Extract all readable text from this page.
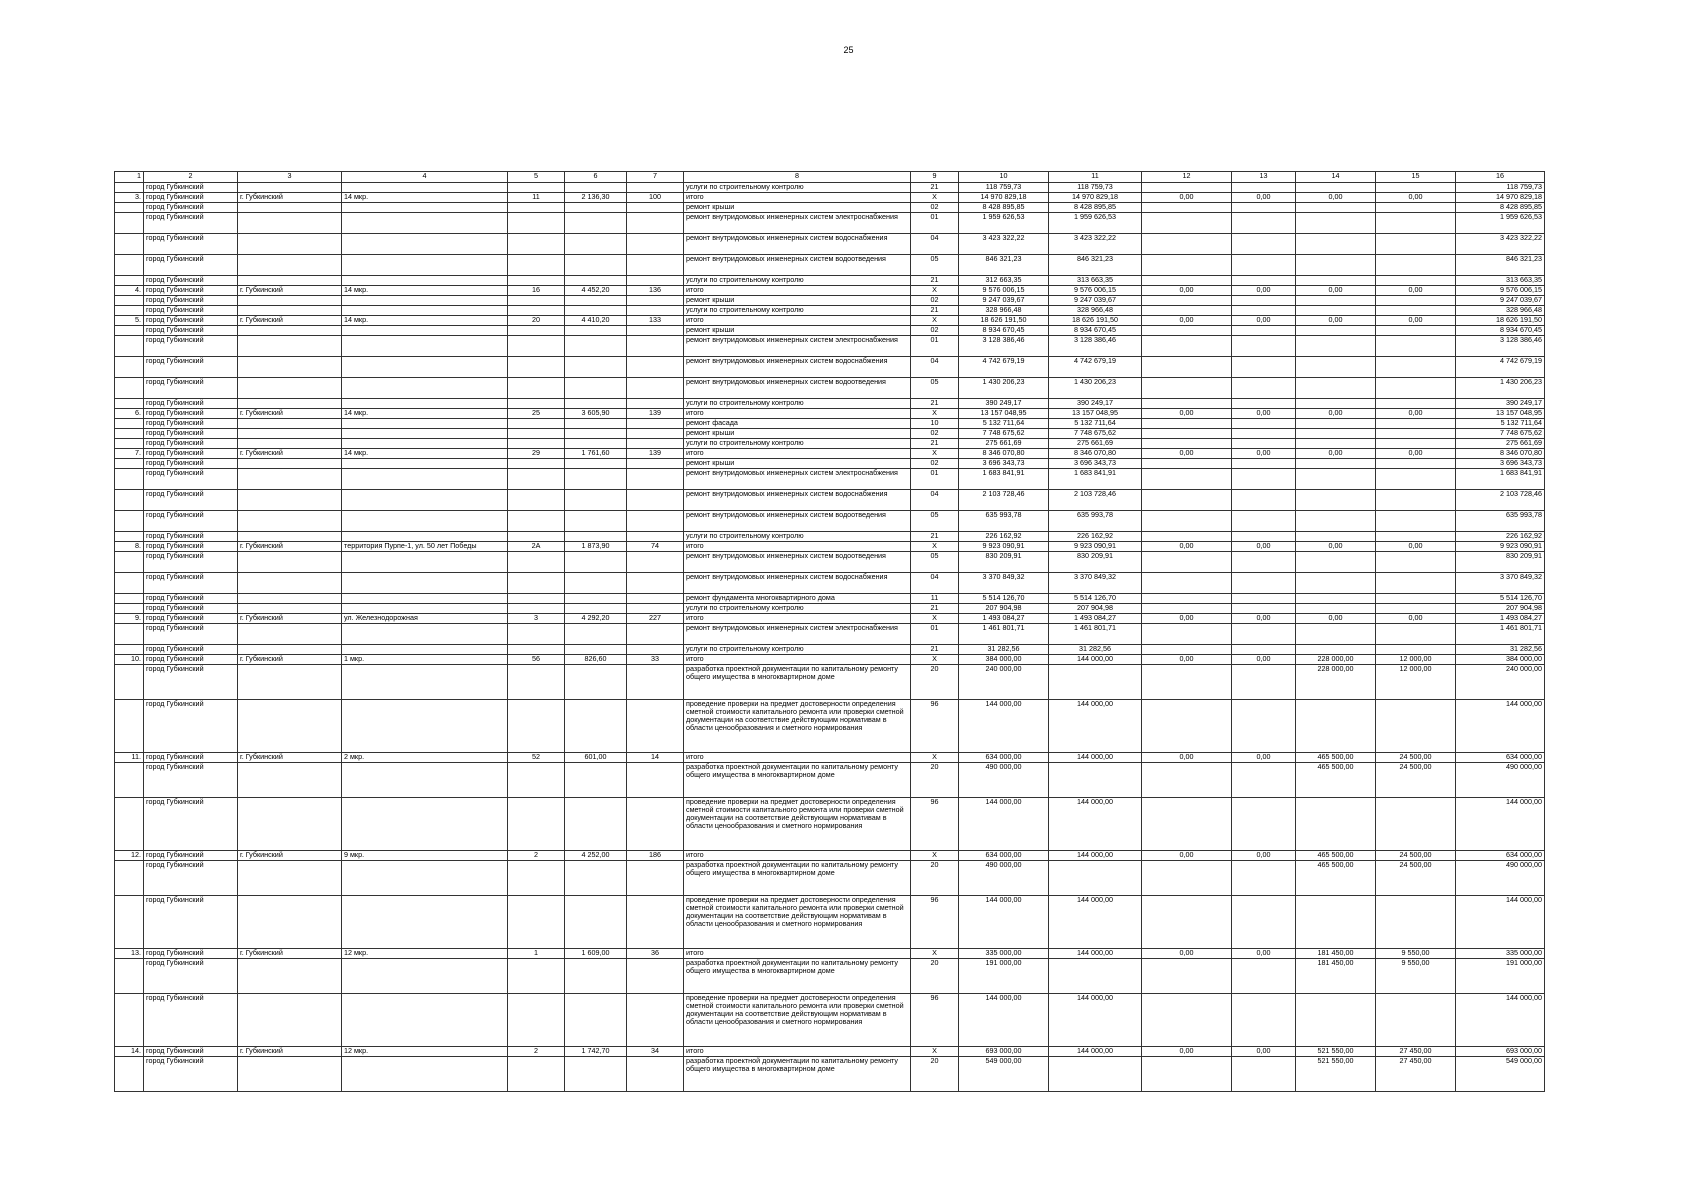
25
1	2	3	4	5	6	7	8	9	10	11	12	13	14	15	16
	город Губкинский						услуги по строительному контролю	21	118 759,73	118 759,73					118 759,73
3.	город Губкинский	г. Губкинский	14 мкр.	11	2 136,30	100	итого	X	14 970 829,18	14 970 829,18	0,00	0,00	0,00	0,00	14 970 829,18
	город Губкинский						ремонт крыши	02	8 428 895,85	8 428 895,85					8 428 895,85
	город Губкинский						ремонт внутридомовых инженерных систем электроснабжения	01	1 959 626,53	1 959 626,53					1 959 626,53
	город Губкинский						ремонт внутридомовых инженерных систем водоснабжения	04	3 423 322,22	3 423 322,22					3 423 322,22
	город Губкинский						ремонт внутридомовых инженерных систем водоотведения	05	846 321,23	846 321,23					846 321,23
	город Губкинский						услуги по строительному контролю	21	312 663,35	313 663,35					313 663,35
4.	город Губкинский	г. Губкинский	14 мкр.	16	4 452,20	136	итого	X	9 576 006,15	9 576 006,15	0,00	0,00	0,00	0,00	9 576 006,15
	город Губкинский						ремонт крыши	02	9 247 039,67	9 247 039,67					9 247 039,67
	город Губкинский						услуги по строительному контролю	21	328 966,48	328 966,48					328 966,48
5.	город Губкинский	г. Губкинский	14 мкр.	20	4 410,20	133	итого	X	18 626 191,50	18 626 191,50	0,00	0,00	0,00	0,00	18 626 191,50
	город Губкинский						ремонт крыши	02	8 934 670,45	8 934 670,45					8 934 670,45
	город Губкинский						ремонт внутридомовых инженерных систем электроснабжения	01	3 128 386,46	3 128 386,46					3 128 386,46
	город Губкинский						ремонт внутридомовых инженерных систем водоснабжения	04	4 742 679,19	4 742 679,19					4 742 679,19
	город Губкинский						ремонт внутридомовых инженерных систем водоотведения	05	1 430 206,23	1 430 206,23					1 430 206,23
	город Губкинский						услуги по строительному контролю	21	390 249,17	390 249,17					390 249,17
6.	город Губкинский	г. Губкинский	14 мкр.	25	3 605,90	139	итого	X	13 157 048,95	13 157 048,95	0,00	0,00	0,00	0,00	13 157 048,95
	город Губкинский						ремонт фасада	10	5 132 711,64	5 132 711,64					5 132 711,64
	город Губкинский						ремонт крыши	02	7 748 675,62	7 748 675,62					7 748 675,62
	город Губкинский						услуги по строительному контролю	21	275 661,69	275 661,69					275 661,69
7.	город Губкинский	г. Губкинский	14 мкр.	29	1 761,60	139	итого	X	8 346 070,80	8 346 070,80	0,00	0,00	0,00	0,00	8 346 070,80
	город Губкинский						ремонт крыши	02	3 696 343,73	3 696 343,73					3 696 343,73
	город Губкинский						ремонт внутридомовых инженерных систем электроснабжения	01	1 683 841,91	1 683 841,91					1 683 841,91
	город Губкинский						ремонт внутридомовых инженерных систем водоснабжения	04	2 103 728,46	2 103 728,46					2 103 728,46
	город Губкинский						ремонт внутридомовых инженерных систем водоотведения	05	635 993,78	635 993,78					635 993,78
	город Губкинский						услуги по строительному контролю	21	226 162,92	226 162,92					226 162,92
8.	город Губкинский	г. Губкинский	территория Пурпе-1, ул. 50 лет Победы	2А	1 873,90	74	итого	X	9 923 090,91	9 923 090,91	0,00	0,00	0,00	0,00	9 923 090,91
	город Губкинский						ремонт внутридомовых инженерных систем водоотведения	05	830 209,91	830 209,91					830 209,91
	город Губкинский						ремонт внутридомовых инженерных систем водоснабжения	04	3 370 849,32	3 370 849,32					3 370 849,32
	город Губкинский						ремонт фундамента многоквартирного дома	11	5 514 126,70	5 514 126,70					5 514 126,70
	город Губкинский						услуги по строительному контролю	21	207 904,98	207 904,98					207 904,98
9.	город Губкинский	г. Губкинский	ул. Железнодорожная	3	4 292,20	227	итого	X	1 493 084,27	1 493 084,27	0,00	0,00	0,00	0,00	1 493 084,27
	город Губкинский						ремонт внутридомовых инженерных систем электроснабжения	01	1 461 801,71	1 461 801,71					1 461 801,71
	город Губкинский						услуги по строительному контролю	21	31 282,56	31 282,56					31 282,56
10.	город Губкинский	г. Губкинский	1 мкр.	56	826,60	33	итого	X	384 000,00	144 000,00	0,00	0,00	228 000,00	12 000,00	384 000,00
	город Губкинский						разработка проектной документации по капитальному ремонту общего имущества в многоквартирном доме	20	240 000,00				228 000,00	12 000,00	240 000,00
	город Губкинский						проведение проверки на предмет достоверности определения сметной стоимости капитального ремонта или проверки сметной документации на соответствие действующим нормативам в области ценообразования и сметного нормирования	96	144 000,00	144 000,00					144 000,00
11.	город Губкинский	г. Губкинский	2 мкр.	52	601,00	14	итого	X	634 000,00	144 000,00	0,00	0,00	465 500,00	24 500,00	634 000,00
	город Губкинский						разработка проектной документации по капитальному ремонту общего имущества в многоквартирном доме	20	490 000,00				465 500,00	24 500,00	490 000,00
	город Губкинский						проведение проверки на предмет достоверности определения сметной стоимости капитального ремонта или проверки сметной документации на соответствие действующим нормативам в области ценообразования и сметного нормирования	96	144 000,00	144 000,00					144 000,00
12.	город Губкинский	г. Губкинский	9 мкр.	2	4 252,00	186	итого	X	634 000,00	144 000,00	0,00	0,00	465 500,00	24 500,00	634 000,00
	город Губкинский						разработка проектной документации по капитальному ремонту общего имущества в многоквартирном доме	20	490 000,00				465 500,00	24 500,00	490 000,00
	город Губкинский						проведение проверки на предмет достоверности определения сметной стоимости капитального ремонта или проверки сметной документации на соответствие действующим нормативам в области ценообразования и сметного нормирования	96	144 000,00	144 000,00					144 000,00
13.	город Губкинский	г. Губкинский	12 мкр.	1	1 609,00	36	итого	X	335 000,00	144 000,00	0,00	0,00	181 450,00	9 550,00	335 000,00
	город Губкинский						разработка проектной документации по капитальному ремонту общего имущества в многоквартирном доме	20	191 000,00				181 450,00	9 550,00	191 000,00
	город Губкинский						проведение проверки на предмет достоверности определения сметной стоимости капитального ремонта или проверки сметной документации на соответствие действующим нормативам в области ценообразования и сметного нормирования	96	144 000,00	144 000,00					144 000,00
14.	город Губкинский	г. Губкинский	12 мкр.	2	1 742,70	34	итого	X	693 000,00	144 000,00	0,00	0,00	521 550,00	27 450,00	693 000,00
	город Губкинский						разработка проектной документации по капитальному ремонту общего имущества в многоквартирном доме	20	549 000,00				521 550,00	27 450,00	549 000,00
